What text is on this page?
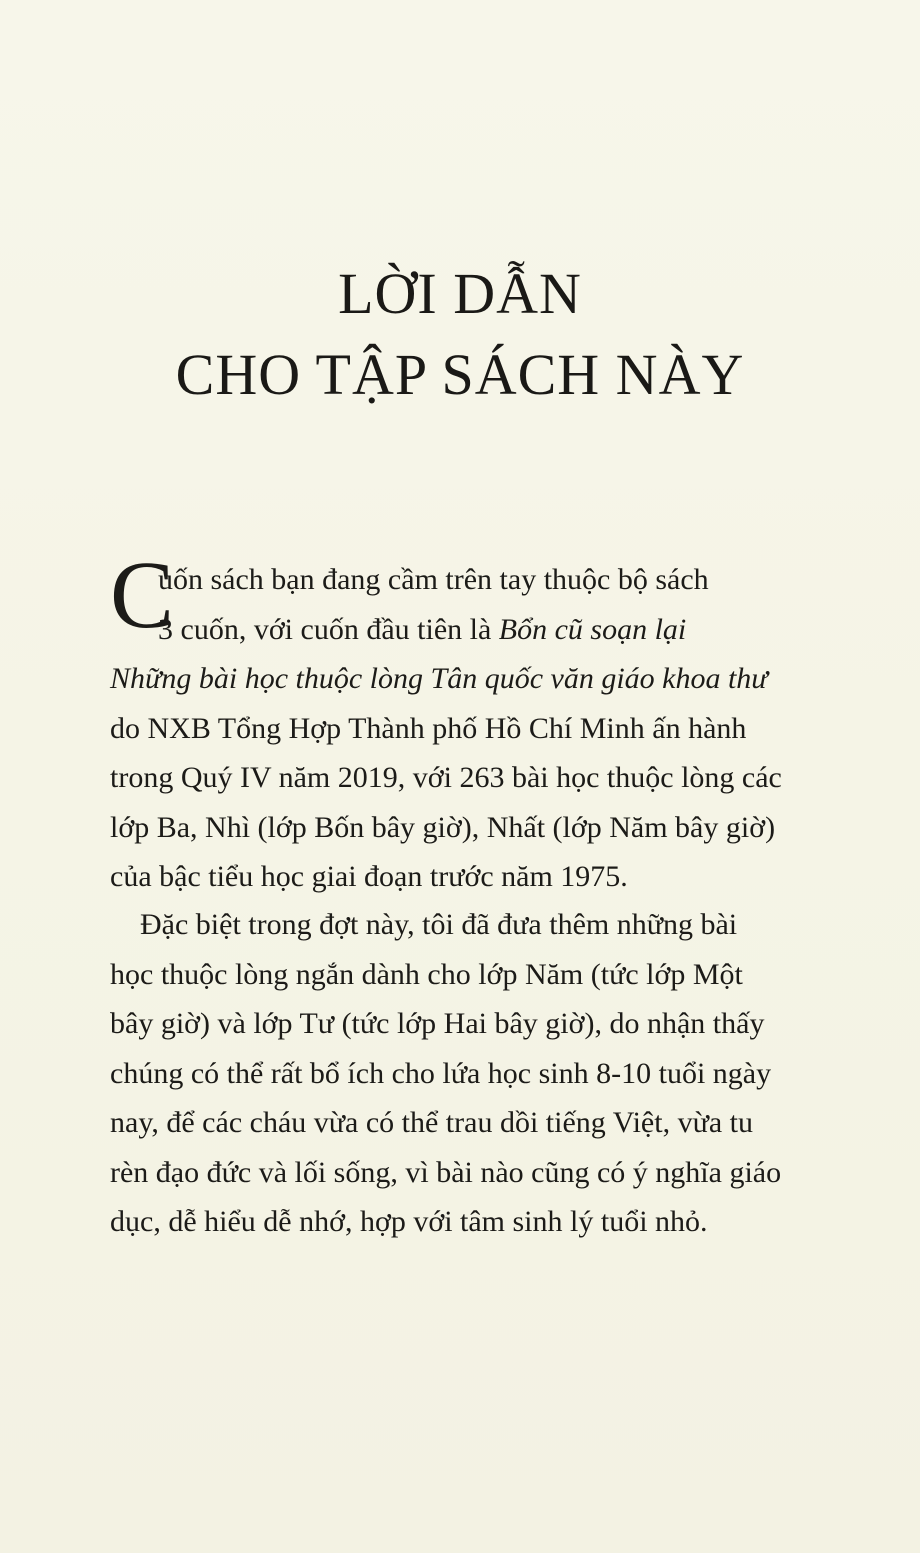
LỜI DẪN
CHO TẬP SÁCH NÀY
C
uốn sách bạn đang cầm trên tay thuộc bộ sách
3 cuốn, với cuốn đầu tiên là Bổn cũ soạn lại
Những bài học thuộc lòng Tân quốc văn giáo khoa thư
do NXB Tổng Hợp Thành phố Hồ Chí Minh ấn hành
trong Quý IV năm 2019, với 263 bài học thuộc lòng các
lớp Ba, Nhì (lớp Bốn bây giờ), Nhất (lớp Năm bây giờ)
của bậc tiểu học giai đoạn trước năm 1975.
Đặc biệt trong đợt này, tôi đã đưa thêm những bài
học thuộc lòng ngắn dành cho lớp Năm (tức lớp Một
bây giờ) và lớp Tư (tức lớp Hai bây giờ), do nhận thấy
chúng có thể rất bổ ích cho lứa học sinh 8-10 tuổi ngày
nay, để các cháu vừa có thể trau dồi tiếng Việt, vừa tu
rèn đạo đức và lối sống, vì bài nào cũng có ý nghĩa giáo
dục, dễ hiểu dễ nhớ, hợp với tâm sinh lý tuổi nhỏ.
